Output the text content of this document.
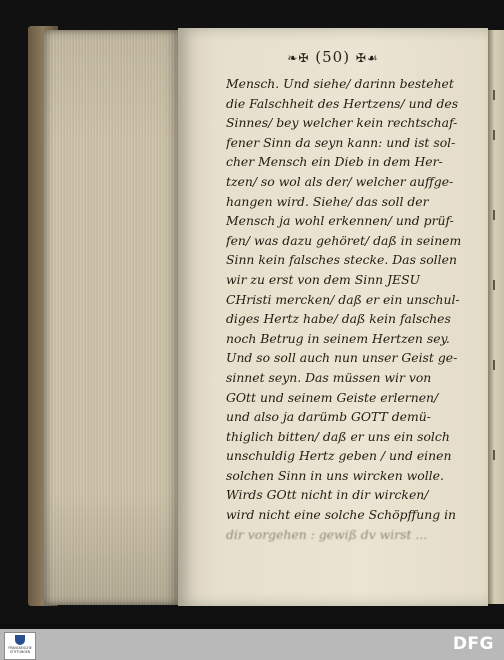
❧✠ (50) ✠☙
Mensch. Und siehe/ darinn bestehet
die Falschheit des Hertzens/ und des
Sinnes/ bey welcher kein rechtschaf-
fener Sinn da seyn kann: und ist sol-
cher Mensch ein Dieb in dem Her-
tzen/ so wol als der/ welcher auffge-
hangen wird. Siehe/ das soll der
Mensch ja wohl erkennen/ und prüf-
fen/ was dazu gehöret/ daß in seinem
Sinn kein falsches stecke. Das sollen
wir zu erst von dem Sinn JESU
CHristi mercken/ daß er ein unschul-
diges Hertz habe/ daß kein falsches
noch Betrug in seinem Hertzen sey.
Und so soll auch nun unser Geist ge-
sinnet seyn. Das müssen wir von
GOtt und seinem Geiste erlernen/
und also ja darümb GOTT demü-
thiglich bitten/ daß er uns ein solch
unschuldig Hertz geben / und einen
solchen Sinn in uns wircken wolle.
Wirds GOtt nicht in dir wircken/
wird nicht eine solche Schöpffung in
dir vorgehen : gewiß dv wirst ...
FRANCKESCHE STIFTUNGEN	DFG
